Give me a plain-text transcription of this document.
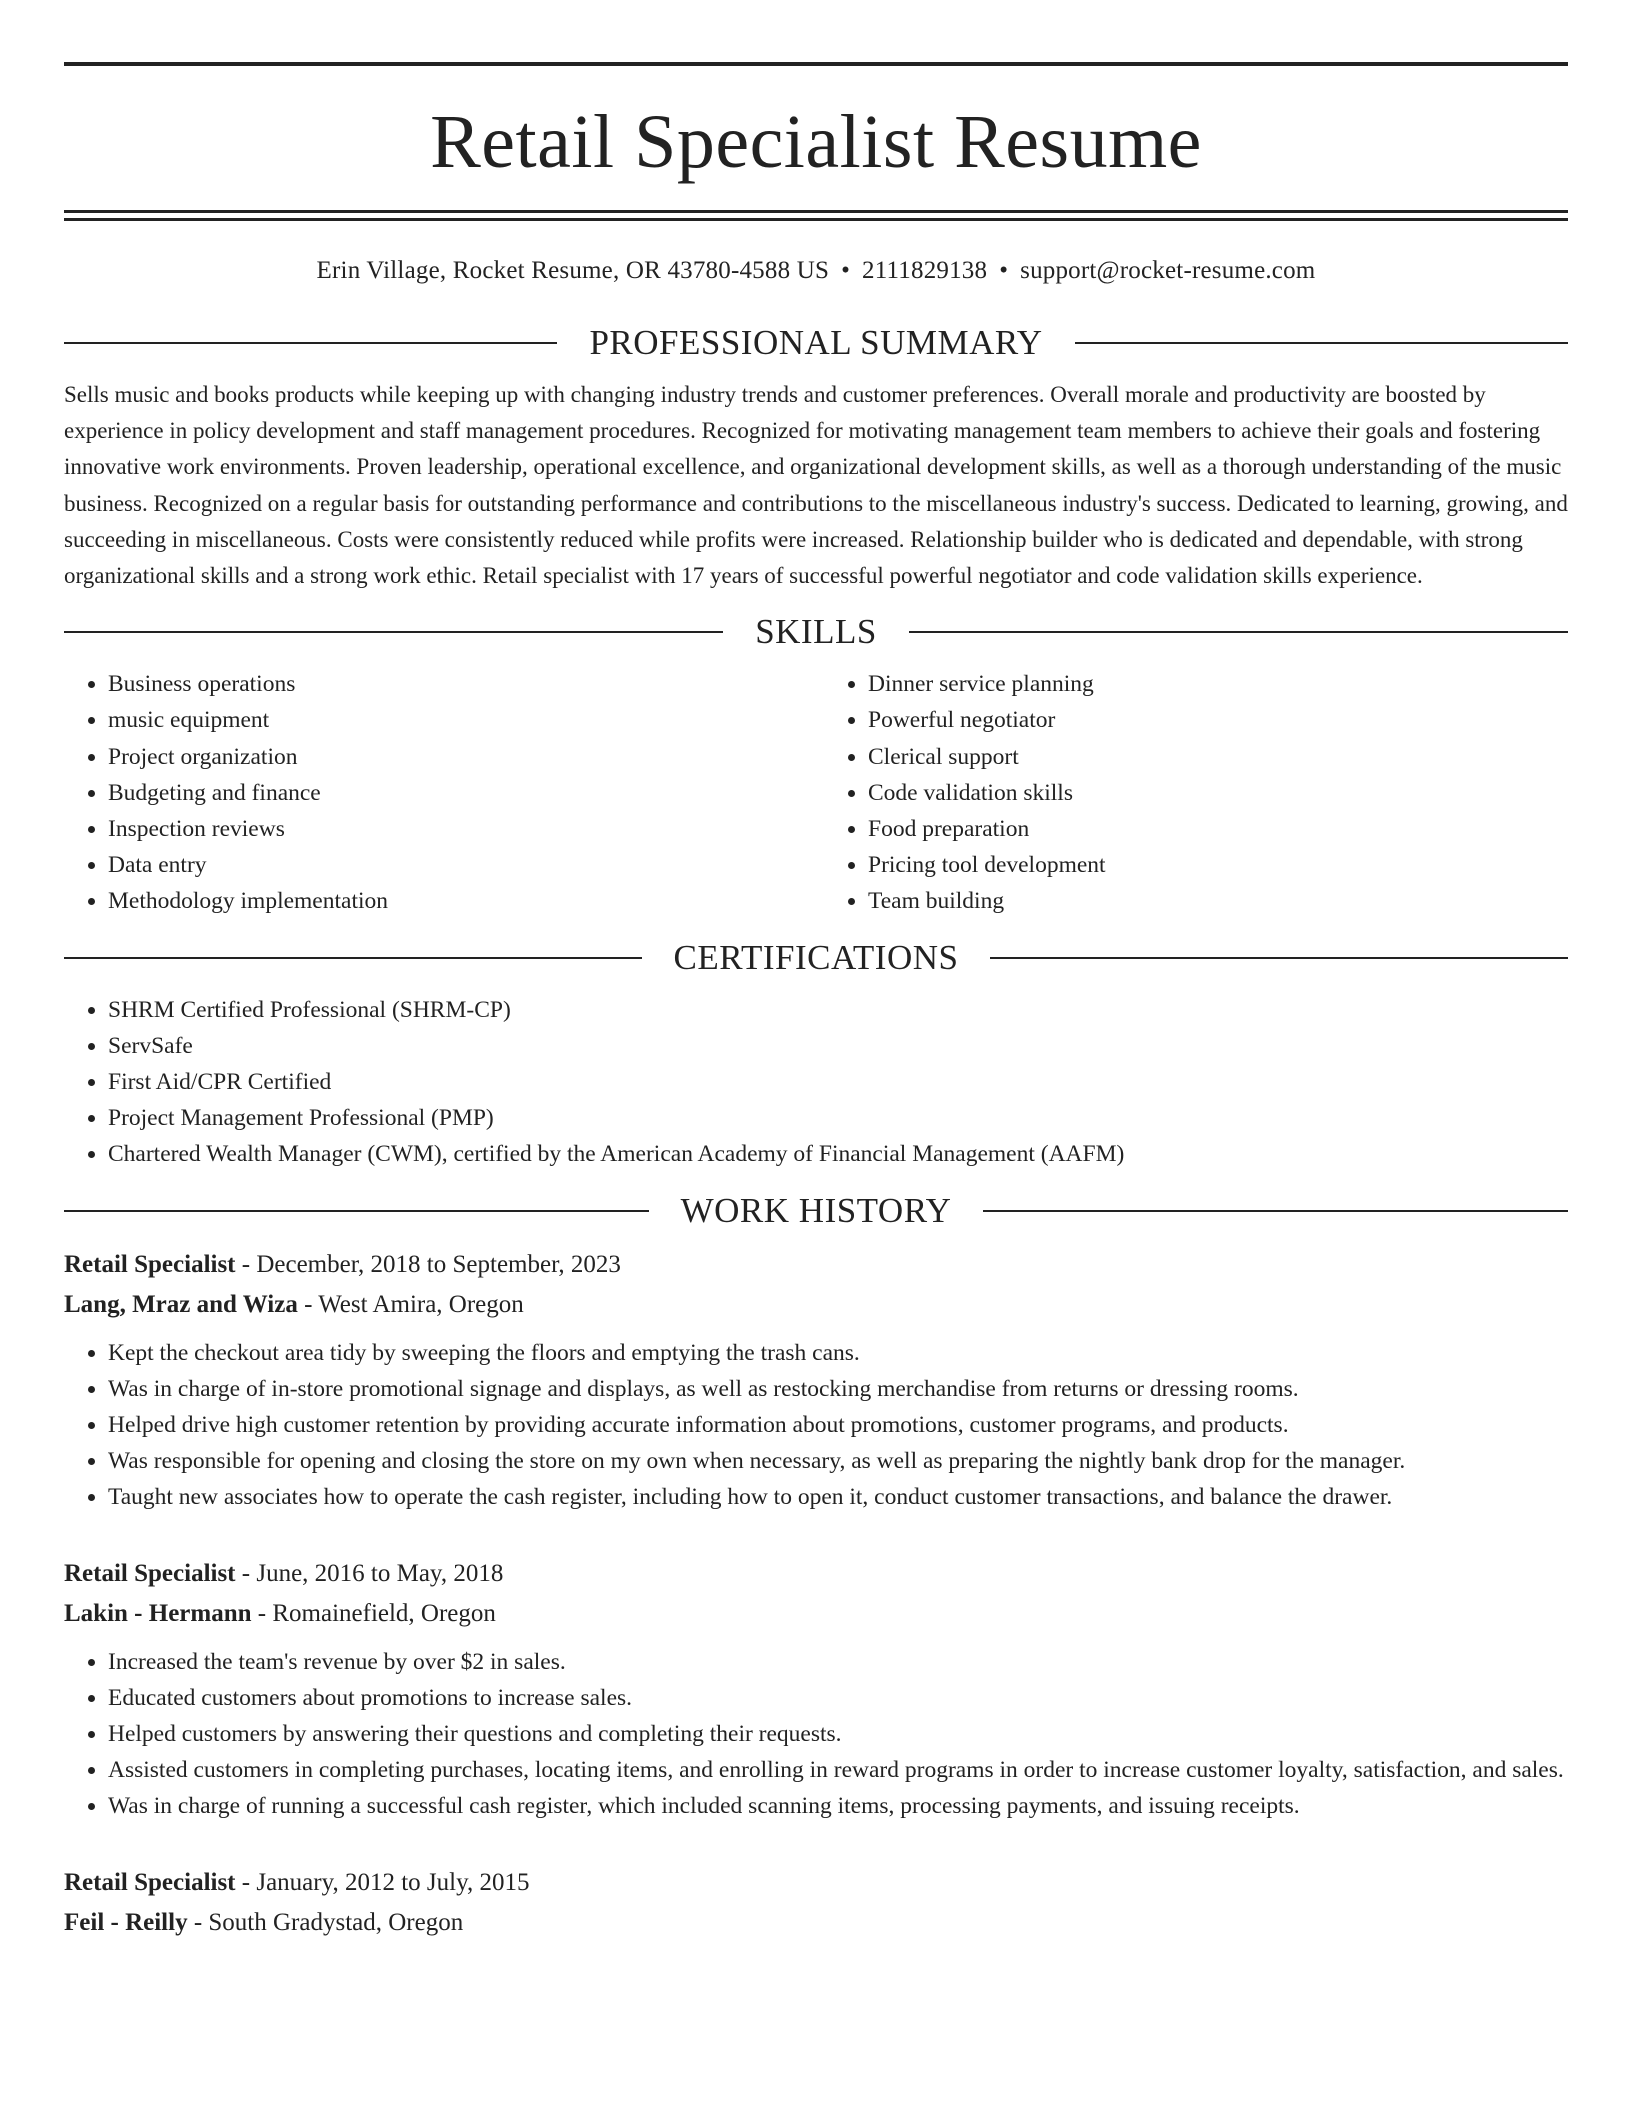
Retail Specialist Resume
Erin Village, Rocket Resume, OR 43780-4588 US • 2111829138 • support@rocket-resume.com
PROFESSIONAL SUMMARY

Sells music and books products while keeping up with changing industry trends and customer preferences. Overall morale and productivity are boosted by experience in policy development and staff management procedures. Recognized for motivating management team members to achieve their goals and fostering innovative work environments. Proven leadership, operational excellence, and organizational development skills, as well as a thorough understanding of the music business. Recognized on a regular basis for outstanding performance and contributions to the miscellaneous industry's success. Dedicated to learning, growing, and succeeding in miscellaneous. Costs were consistently reduced while profits were increased. Relationship builder who is dedicated and dependable, with strong organizational skills and a strong work ethic. Retail specialist with 17 years of successful powerful negotiator and code validation skills experience.

SKILLS
• Business operations
• music equipment
• Project organization
• Budgeting and finance
• Inspection reviews
• Data entry
• Methodology implementation
• Dinner service planning
• Powerful negotiator
• Clerical support
• Code validation skills
• Food preparation
• Pricing tool development
• Team building
CERTIFICATIONS
• SHRM Certified Professional (SHRM-CP)
• ServSafe
• First Aid/CPR Certified
• Project Management Professional (PMP)
• Chartered Wealth Manager (CWM), certified by the American Academy of Financial Management (AAFM)
WORK HISTORY

Retail Specialist - December, 2018 to September, 2023

Lang, Mraz and Wiza - West Amira, Oregon

• Kept the checkout area tidy by sweeping the floors and emptying the trash cans.
• Was in charge of in-store promotional signage and displays, as well as restocking merchandise from returns or dressing rooms.
• Helped drive high customer retention by providing accurate information about promotions, customer programs, and products.
• Was responsible for opening and closing the store on my own when necessary, as well as preparing the nightly bank drop for the manager.
• Taught new associates how to operate the cash register, including how to open it, conduct customer transactions, and balance the drawer.

Retail Specialist - June, 2016 to May, 2018

Lakin - Hermann - Romainefield, Oregon

• Increased the team's revenue by over $2 in sales.
• Educated customers about promotions to increase sales.
• Helped customers by answering their questions and completing their requests.
• Assisted customers in completing purchases, locating items, and enrolling in reward programs in order to increase customer loyalty, satisfaction, and sales.
• Was in charge of running a successful cash register, which included scanning items, processing payments, and issuing receipts.

Retail Specialist - January, 2012 to July, 2015

Feil - Reilly - South Gradystad, Oregon
